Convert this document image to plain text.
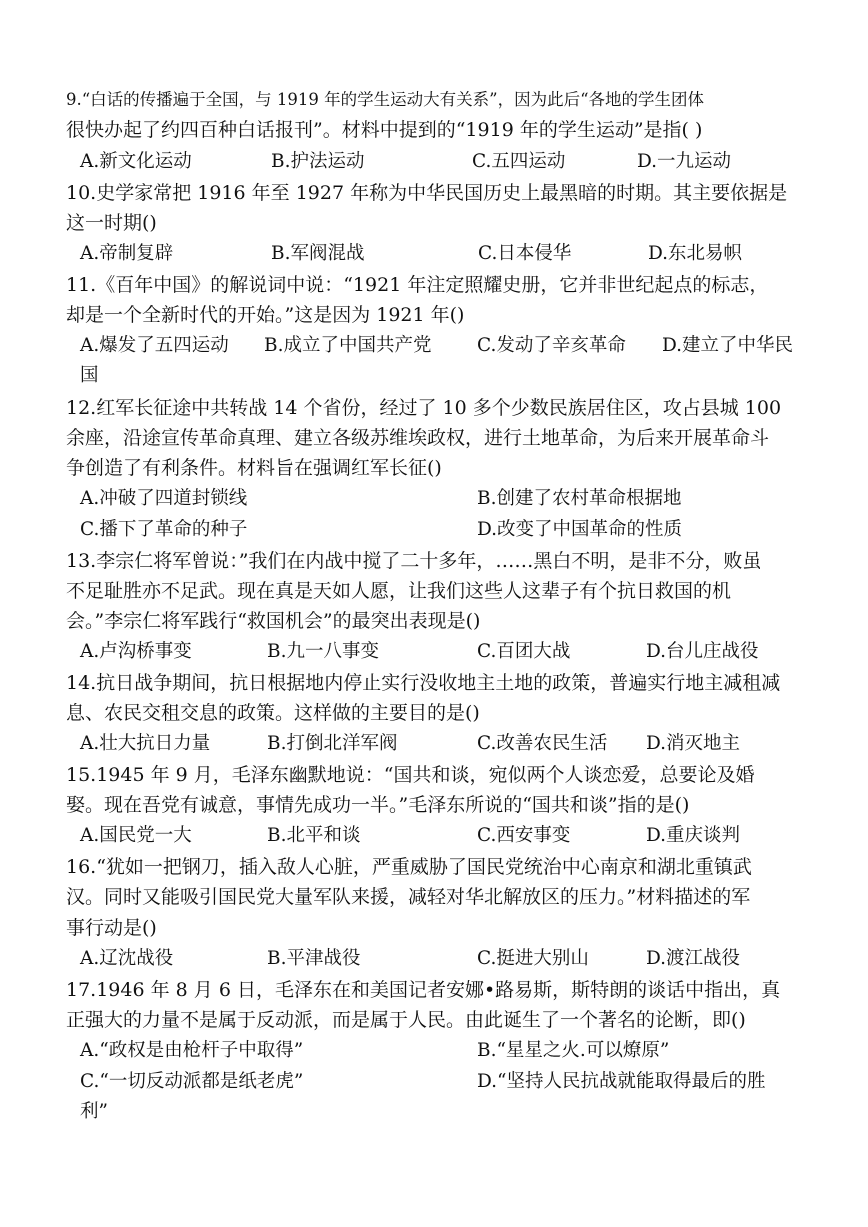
9.“白话的传播遍于全国，与 1919 年的学生运动大有关系”，因为此后“各地的学生团体
很快办起了约四百种白话报刊”。材料中提到的“1919 年的学生运动”是指( )
A.新文化运动	B.护法运动	C.五四运动	D.一九运动
10.史学家常把 1916 年至 1927 年称为中华民国历史上最黑暗的时期。其主要依据是
这一时期()
A.帝制复辟	B.军阀混战	C.日本侵华	D.东北易帜
11.《百年中国》的解说词中说：“1921 年注定照耀史册，它并非世纪起点的标志，
却是一个全新时代的开始。”这是因为 1921 年()
A.爆发了五四运动 B.成立了中国共产党 C.发动了辛亥革命 D.建立了中华民
国
12.红军长征途中共转战 14 个省份，经过了 10 多个少数民族居住区，攻占县城 100
余座，沿途宣传革命真理、建立各级苏维埃政权，进行土地革命，为后来开展革命斗
争创造了有利条件。材料旨在强调红军长征()
A.冲破了四道封锁线	B.创建了农村革命根据地
C.播下了革命的种子	D.改变了中国革命的性质
13.李宗仁将军曾说：”我们在内战中搅了二十多年，……黑白不明，是非不分，败虽
不足耻胜亦不足武。现在真是天如人愿，让我们这些人这辈子有个抗日救国的机
会。”李宗仁将军践行“救国机会”的最突出表现是()
A.卢沟桥事变	B.九一八事变	C.百团大战	D.台儿庄战役
14.抗日战争期间，抗日根据地内停止实行没收地主土地的政策，普遍实行地主减租减
息、农民交租交息的政策。这样做的主要目的是()
A.壮大抗日力量	B.打倒北洋军阀	C.改善农民生活 D.消灭地主
15.1945 年 9 月，毛泽东幽默地说：“国共和谈，宛似两个人谈恋爱，总要论及婚
娶。现在吾党有诚意，事情先成功一半。”毛泽东所说的“国共和谈”指的是()
A.国民党一大	B.北平和谈	C.西安事变	D.重庆谈判
16.“犹如一把钢刀，插入敌人心脏，严重威胁了国民党统治中心南京和湖北重镇武
汉。同时又能吸引国民党大量军队来援，减轻对华北解放区的压力。”材料描述的军
事行动是()
A.辽沈战役	B.平津战役	C.挺进大别山	D.渡江战役
17.1946 年 8 月 6 日，毛泽东在和美国记者安娜•路易斯，斯特朗的谈话中指出，真
正强大的力量不是属于反动派，而是属于人民。由此诞生了一个著名的论断，即()
A.“政权是由枪杆子中取得”	B.“星星之火.可以燎原”
C.“一切反动派都是纸老虎”	D.“坚持人民抗战就能取得最后的胜
利”
